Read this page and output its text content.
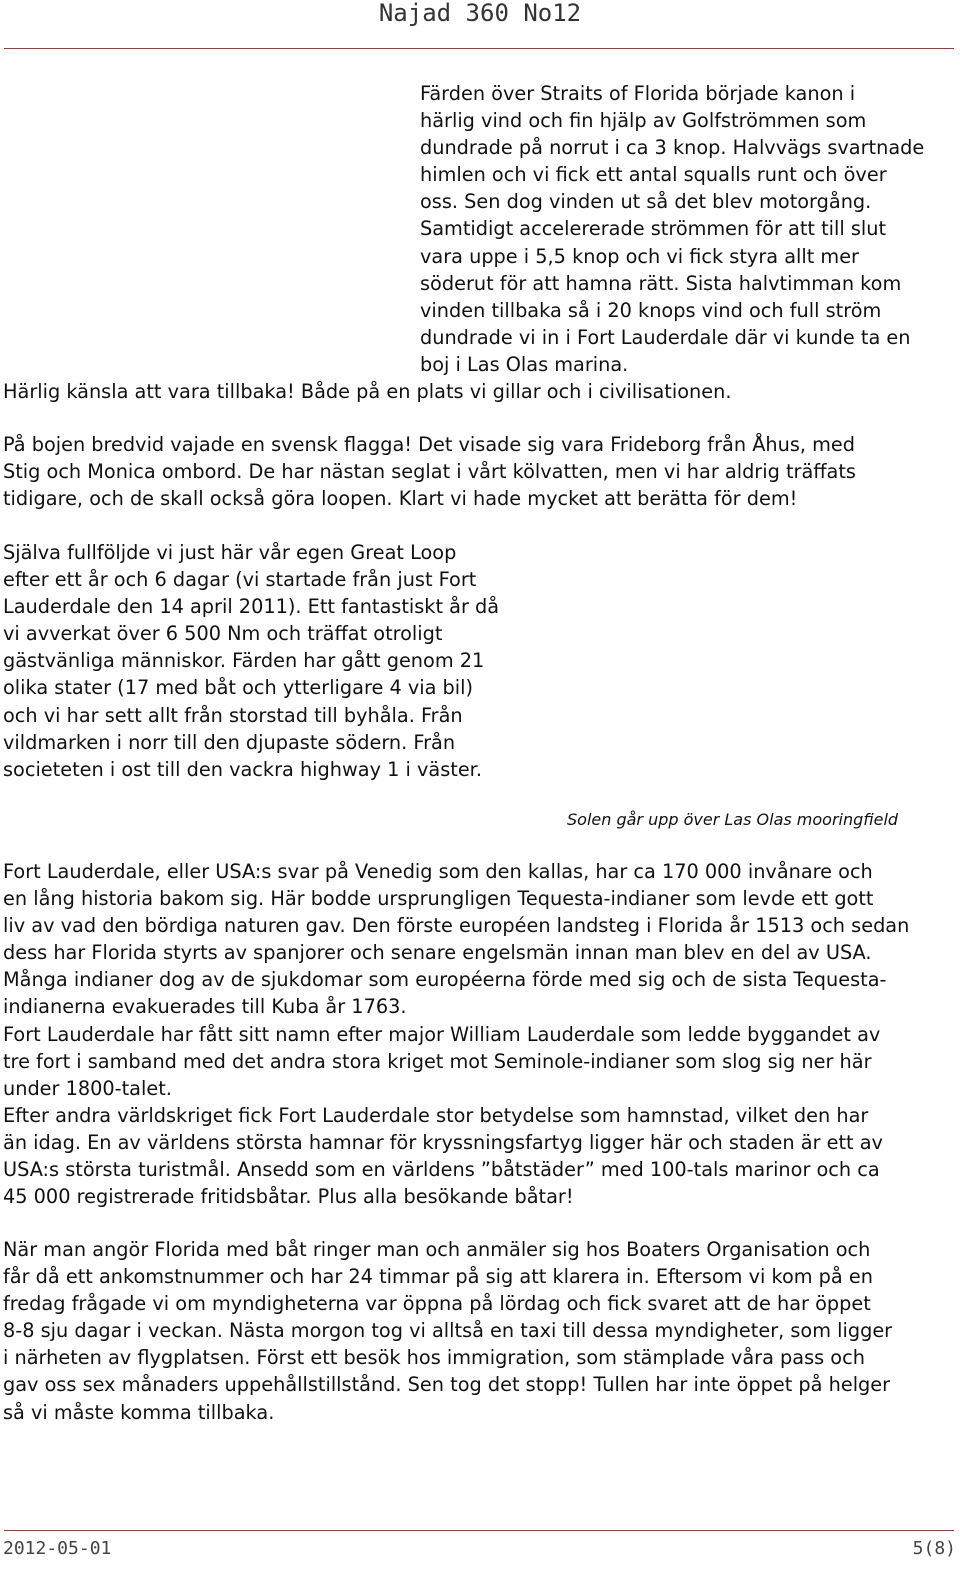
Najad 360 No12

Färden över Straits of Florida började kanon i
härlig vind och fin hjälp av Golfströmmen som
dundrade på norrut i ca 3 knop. Halvvägs svartnade
himlen och vi fick ett antal squalls runt och över
oss. Sen dog vinden ut så det blev motorgång.
Samtidigt accelererade strömmen för att till slut
vara uppe i 5,5 knop och vi fick styra allt mer
söderut för att hamna rätt. Sista halvtimman kom
vinden tillbaka så i 20 knops vind och full ström
dundrade vi in i Fort Lauderdale där vi kunde ta en
boj i Las Olas marina.

Härlig känsla att vara tillbaka! Både på en plats vi gillar och i civilisationen.

På bojen bredvid vajade en svensk flagga! Det visade sig vara Frideborg från Åhus, med
Stig och Monica ombord. De har nästan seglat i vårt kölvatten, men vi har aldrig träffats
tidigare, och de skall också göra loopen. Klart vi hade mycket att berätta för dem!

Själva fullföljde vi just här vår egen Great Loop
efter ett år och 6 dagar (vi startade från just Fort
Lauderdale den 14 april 2011). Ett fantastiskt år då
vi avverkat över 6 500 Nm och träffat otroligt
gästvänliga människor. Färden har gått genom 21
olika stater (17 med båt och ytterligare 4 via bil)
och vi har sett allt från storstad till byhåla. Från
vildmarken i norr till den djupaste södern. Från
societeten i ost till den vackra highway 1 i väster.

Solen går upp över Las Olas mooringfield

Fort Lauderdale, eller USA:s svar på Venedig som den kallas, har ca 170 000 invånare och
en lång historia bakom sig. Här bodde ursprungligen Tequesta-indianer som levde ett gott
liv av vad den bördiga naturen gav. Den förste européen landsteg i Florida år 1513 och sedan
dess har Florida styrts av spanjorer och senare engelsmän innan man blev en del av USA.
Många indianer dog av de sjukdomar som européerna förde med sig och de sista Tequesta-
indianerna evakuerades till Kuba år 1763.
Fort Lauderdale har fått sitt namn efter major William Lauderdale som ledde byggandet av
tre fort i samband med det andra stora kriget mot Seminole-indianer som slog sig ner här
under 1800-talet.
Efter andra världskriget fick Fort Lauderdale stor betydelse som hamnstad, vilket den har
än idag. En av världens största hamnar för kryssningsfartyg ligger här och staden är ett av
USA:s största turistmål. Ansedd som en världens ”båtstäder” med 100-tals marinor och ca
45 000 registrerade fritidsbåtar. Plus alla besökande båtar!

När man angör Florida med båt ringer man och anmäler sig hos Boaters Organisation och
får då ett ankomstnummer och har 24 timmar på sig att klarera in. Eftersom vi kom på en
fredag frågade vi om myndigheterna var öppna på lördag och fick svaret att de har öppet
8-8 sju dagar i veckan. Nästa morgon tog vi alltså en taxi till dessa myndigheter, som ligger
i närheten av flygplatsen. Först ett besök hos immigration, som stämplade våra pass och
gav oss sex månaders uppehållstillstånd. Sen tog det stopp! Tullen har inte öppet på helger
så vi måste komma tillbaka.

2012-05-01	5(8)
